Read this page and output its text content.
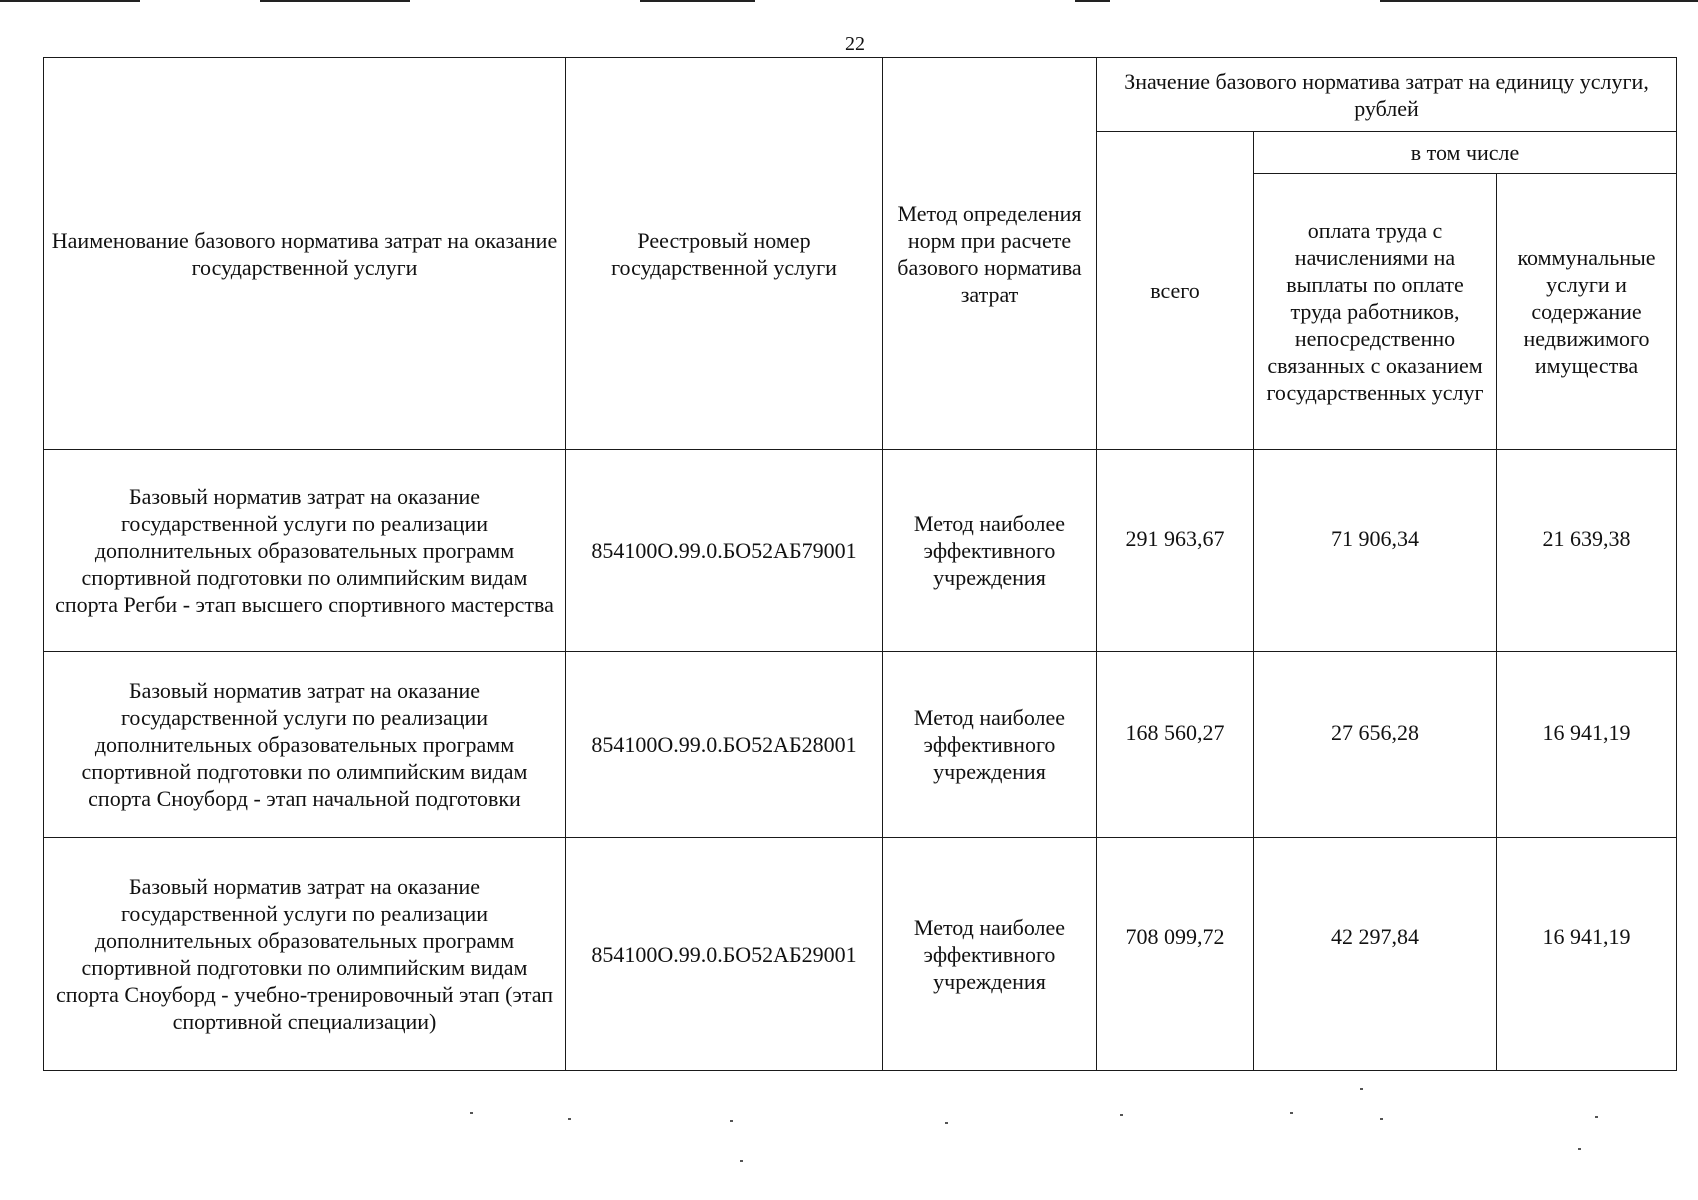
22
Наименование базового норматива затрат на оказание государственной услуги	Реестровый номер государственной услуги	Метод определения норм при расчете базового норматива затрат	Значение базового норматива затрат на единицу услуги, рублей		
			всего	в том числе	
				оплата труда с начислениями на выплаты по оплате труда работников, непосредственно связанных с оказанием государственных услуг	коммунальные услуги и содержание недвижимого имущества
Базовый норматив затрат на оказание государственной услуги по реализации дополнительных образовательных программ спортивной подготовки по олимпийским видам спорта Регби - этап высшего спортивного мастерства	854100О.99.0.БО52АБ79001	Метод наиболее эффективного учреждения	291 963,67	71 906,34	21 639,38
Базовый норматив затрат на оказание государственной услуги по реализации дополнительных образовательных программ спортивной подготовки по олимпийским видам спорта Сноуборд - этап начальной подготовки	854100О.99.0.БО52АБ28001	Метод наиболее эффективного учреждения	168 560,27	27 656,28	16 941,19
Базовый норматив затрат на оказание государственной услуги по реализации дополнительных образовательных программ спортивной подготовки по олимпийским видам спорта Сноуборд - учебно-тренировочный этап (этап спортивной специализации)	854100О.99.0.БО52АБ29001	Метод наиболее эффективного учреждения	708 099,72	42 297,84	16 941,19
